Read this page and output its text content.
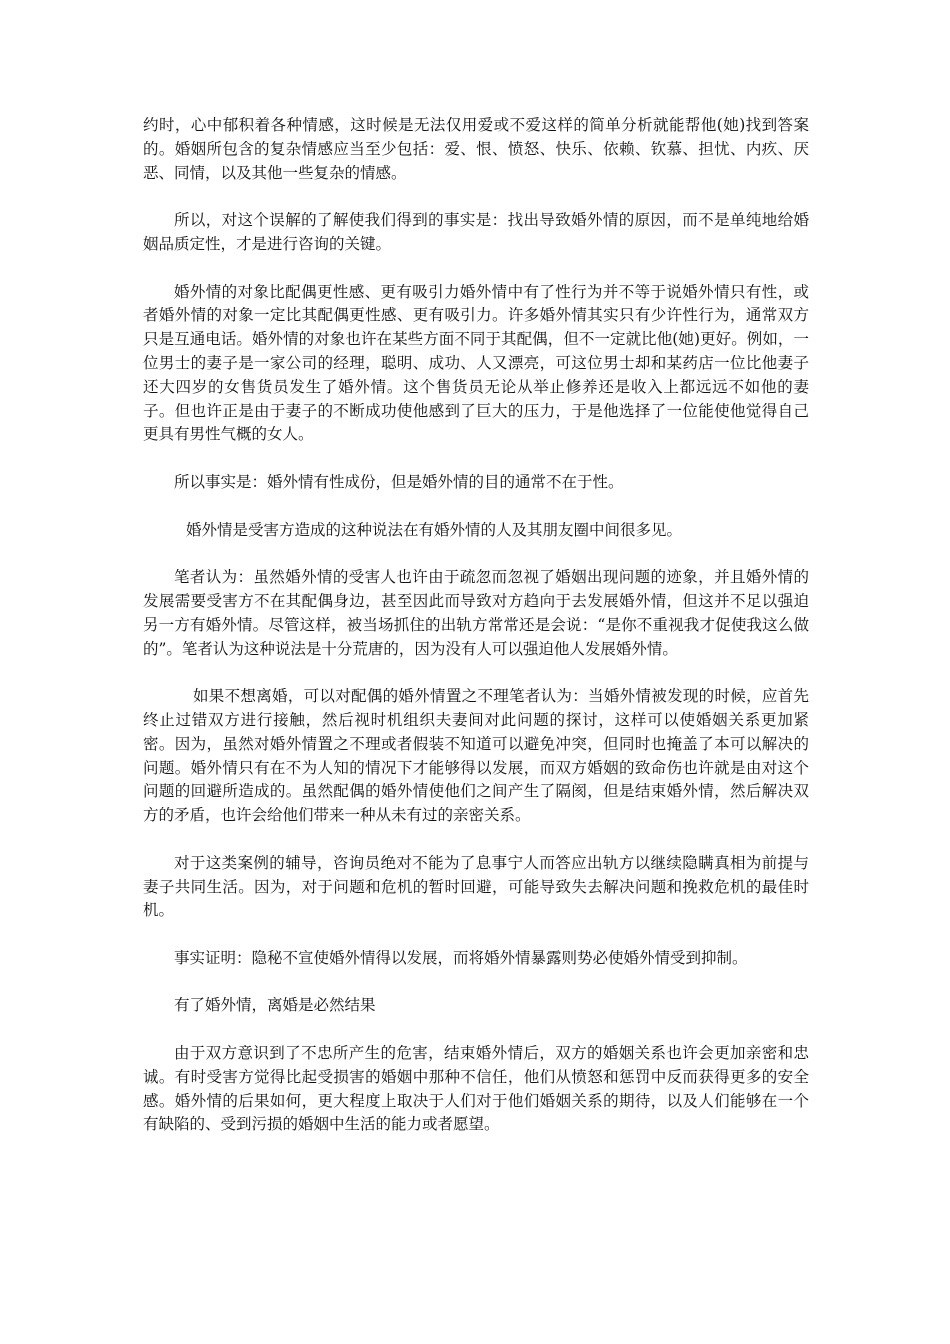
约时，心中郁积着各种情感，这时候是无法仅用爱或不爱这样的简单分析就能帮他(她)找到答案的。婚姻所包含的复杂情感应当至少包括：爱、恨、愤怒、快乐、依赖、钦慕、担忧、内疚、厌恶、同情，以及其他一些复杂的情感。

所以，对这个误解的了解使我们得到的事实是：找出导致婚外情的原因，而不是单纯地给婚姻品质定性，才是进行咨询的关键。

婚外情的对象比配偶更性感、更有吸引力婚外情中有了性行为并不等于说婚外情只有性，或者婚外情的对象一定比其配偶更性感、更有吸引力。许多婚外情其实只有少许性行为，通常双方只是互通电话。婚外情的对象也许在某些方面不同于其配偶，但不一定就比他(她)更好。例如，一位男士的妻子是一家公司的经理，聪明、成功、人又漂亮，可这位男士却和某药店一位比他妻子还大四岁的女售货员发生了婚外情。这个售货员无论从举止修养还是收入上都远远不如他的妻子。但也许正是由于妻子的不断成功使他感到了巨大的压力，于是他选择了一位能使他觉得自己更具有男性气概的女人。

所以事实是：婚外情有性成份，但是婚外情的目的通常不在于性。

婚外情是受害方造成的这种说法在有婚外情的人及其朋友圈中间很多见。

笔者认为：虽然婚外情的受害人也许由于疏忽而忽视了婚姻出现问题的迹象，并且婚外情的发展需要受害方不在其配偶身边，甚至因此而导致对方趋向于去发展婚外情，但这并不足以强迫另一方有婚外情。尽管这样，被当场抓住的出轨方常常还是会说：“是你不重视我才促使我这么做的”。笔者认为这种说法是十分荒唐的，因为没有人可以强迫他人发展婚外情。

如果不想离婚，可以对配偶的婚外情置之不理笔者认为：当婚外情被发现的时候，应首先终止过错双方进行接触，然后视时机组织夫妻间对此问题的探讨，这样可以使婚姻关系更加紧密。因为，虽然对婚外情置之不理或者假装不知道可以避免冲突，但同时也掩盖了本可以解决的问题。婚外情只有在不为人知的情况下才能够得以发展，而双方婚姻的致命伤也许就是由对这个问题的回避所造成的。虽然配偶的婚外情使他们之间产生了隔阂，但是结束婚外情，然后解决双方的矛盾，也许会给他们带来一种从未有过的亲密关系。

对于这类案例的辅导，咨询员绝对不能为了息事宁人而答应出轨方以继续隐瞒真相为前提与妻子共同生活。因为，对于问题和危机的暂时回避，可能导致失去解决问题和挽救危机的最佳时机。

事实证明：隐秘不宣使婚外情得以发展，而将婚外情暴露则势必使婚外情受到抑制。

有了婚外情，离婚是必然结果

由于双方意识到了不忠所产生的危害，结束婚外情后，双方的婚姻关系也许会更加亲密和忠诚。有时受害方觉得比起受损害的婚姻中那种不信任，他们从愤怒和惩罚中反而获得更多的安全感。婚外情的后果如何，更大程度上取决于人们对于他们婚姻关系的期待，以及人们能够在一个有缺陷的、受到污损的婚姻中生活的能力或者愿望。
